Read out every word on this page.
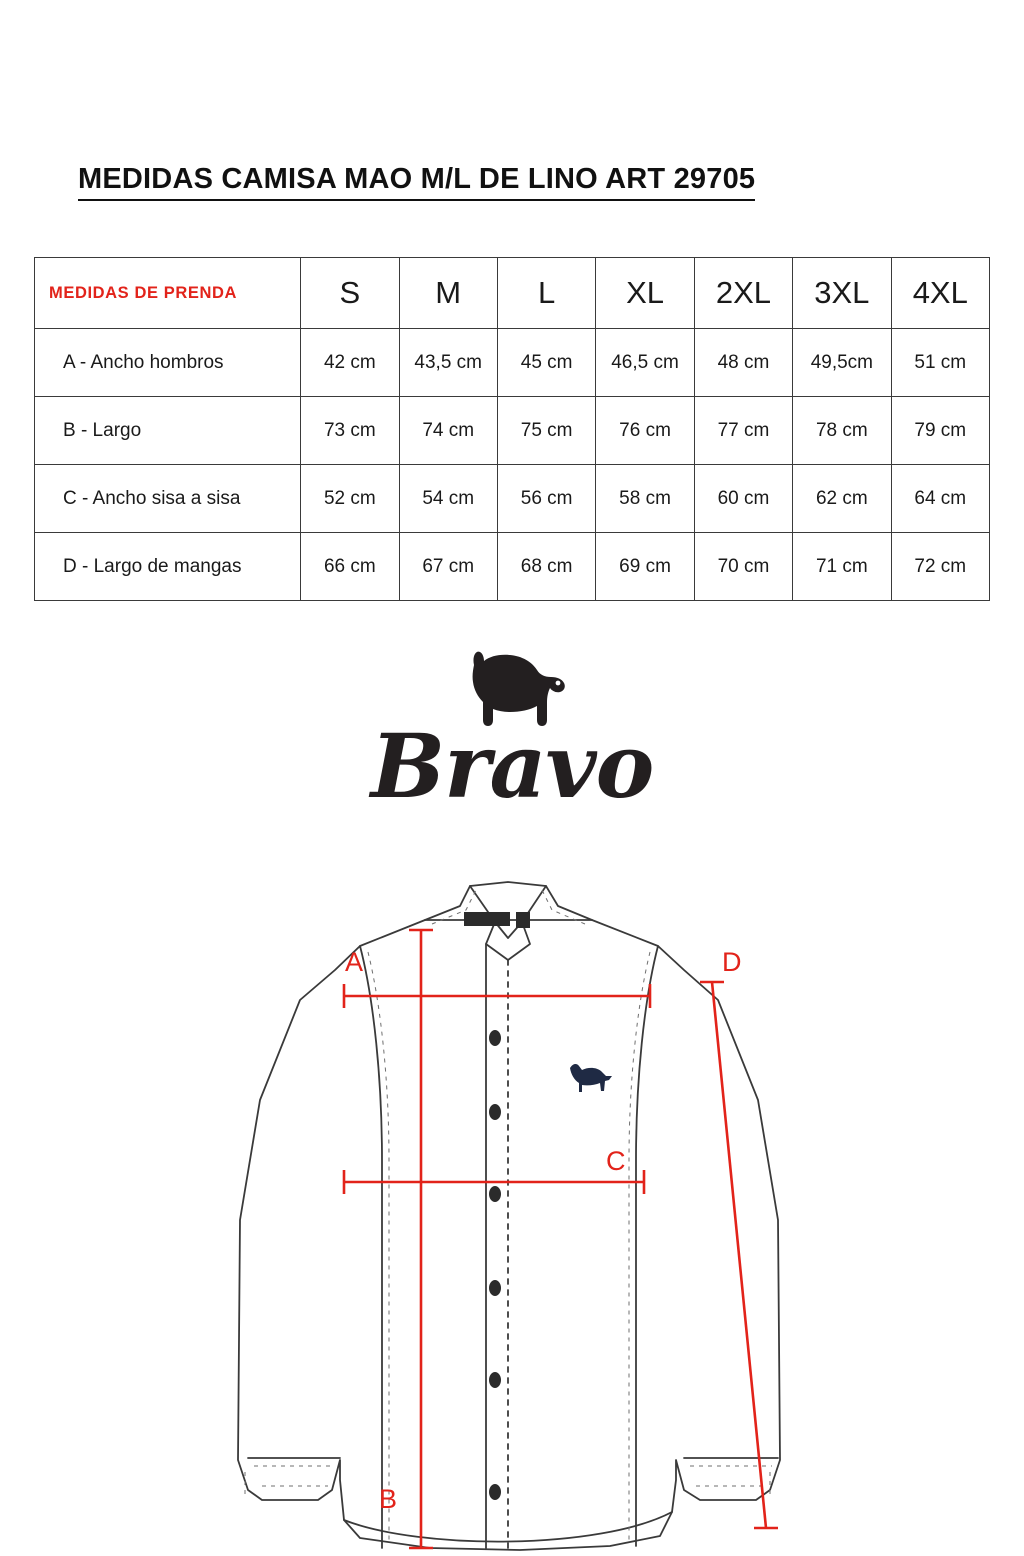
MEDIDAS CAMISA MAO M/L DE LINO ART 29705
MEDIDAS DE PRENDA	S	M	L	XL	2XL	3XL	4XL
A - Ancho hombros	42 cm	43,5 cm	45 cm	46,5 cm	48 cm	49,5cm	51 cm
B - Largo	73 cm	74 cm	75 cm	76 cm	77 cm	78 cm	79 cm
C - Ancho sisa a sisa	52 cm	54 cm	56 cm	58 cm	60 cm	62 cm	64 cm
D - Largo de mangas	66 cm	67 cm	68 cm	69 cm	70 cm	71 cm	72 cm
Bravo
A
B
C
D
